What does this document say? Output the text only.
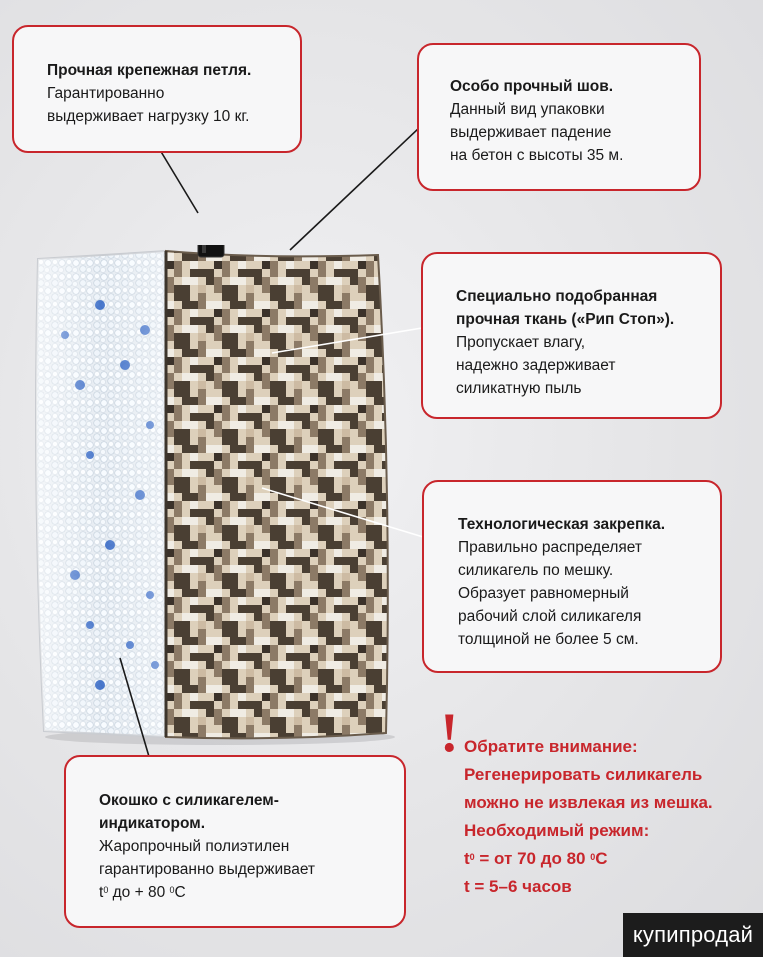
Прочная крепежная петля.
Гарантированно
выдерживает нагрузку 10 кг.
Особо прочный шов.
Данный вид упаковки
выдерживает падение
на бетон с высоты 35 м.
Специально подобранная
прочная ткань («Рип Стоп»).
Пропускает влагу,
надежно задерживает
силикатную пыль
Технологическая закрепка.
Правильно распределяет
силикагель по мешку.
Образует равномерный
рабочий слой силикагеля
толщиной не более 5 см.
Окошко с силикагелем-
индикатором.
Жаропрочный полиэтилен
гарантированно выдерживает
$t^0$ до + 80 $^0$С
! Обратите внимание:
Регенерировать силикагель
можно не извлекая из мешка.
Необходимый режим:
$t^0$ = от 70 до 80 $^0$С
t = 5–6 часов
купипродай
